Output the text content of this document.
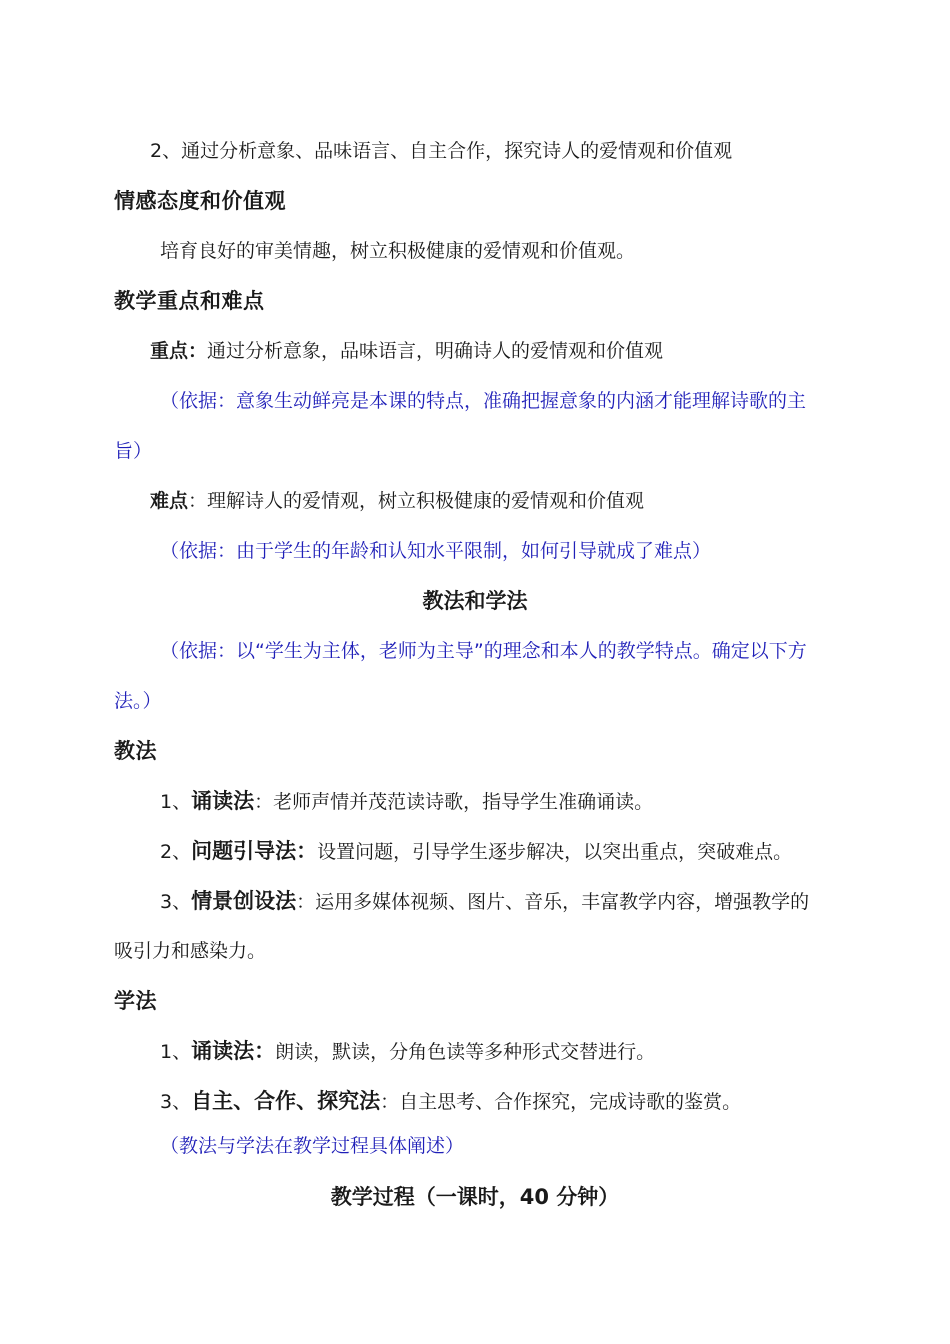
2、通过分析意象、品味语言、自主合作，探究诗人的爱情观和价值观
情感态度和价值观
培育良好的审美情趣，树立积极健康的爱情观和价值观。
教学重点和难点
重点：通过分析意象，品味语言，明确诗人的爱情观和价值观
（依据：意象生动鲜亮是本课的特点，准确把握意象的内涵才能理解诗歌的主
旨）
难点：理解诗人的爱情观，树立积极健康的爱情观和价值观
（依据：由于学生的年龄和认知水平限制，如何引导就成了难点）
教法和学法
（依据：以“学生为主体，老师为主导”的理念和本人的教学特点。确定以下方
法。）
教法
1、诵读法：老师声情并茂范读诗歌，指导学生准确诵读。
2、问题引导法：设置问题，引导学生逐步解决，以突出重点，突破难点。
3、情景创设法：运用多媒体视频、图片、音乐，丰富教学内容，增强教学的
吸引力和感染力。
学法
1、诵读法：朗读，默读，分角色读等多种形式交替进行。
3、自主、合作、探究法：自主思考、合作探究，完成诗歌的鉴赏。
（教法与学法在教学过程具体阐述）
教学过程（一课时，40 分钟）
